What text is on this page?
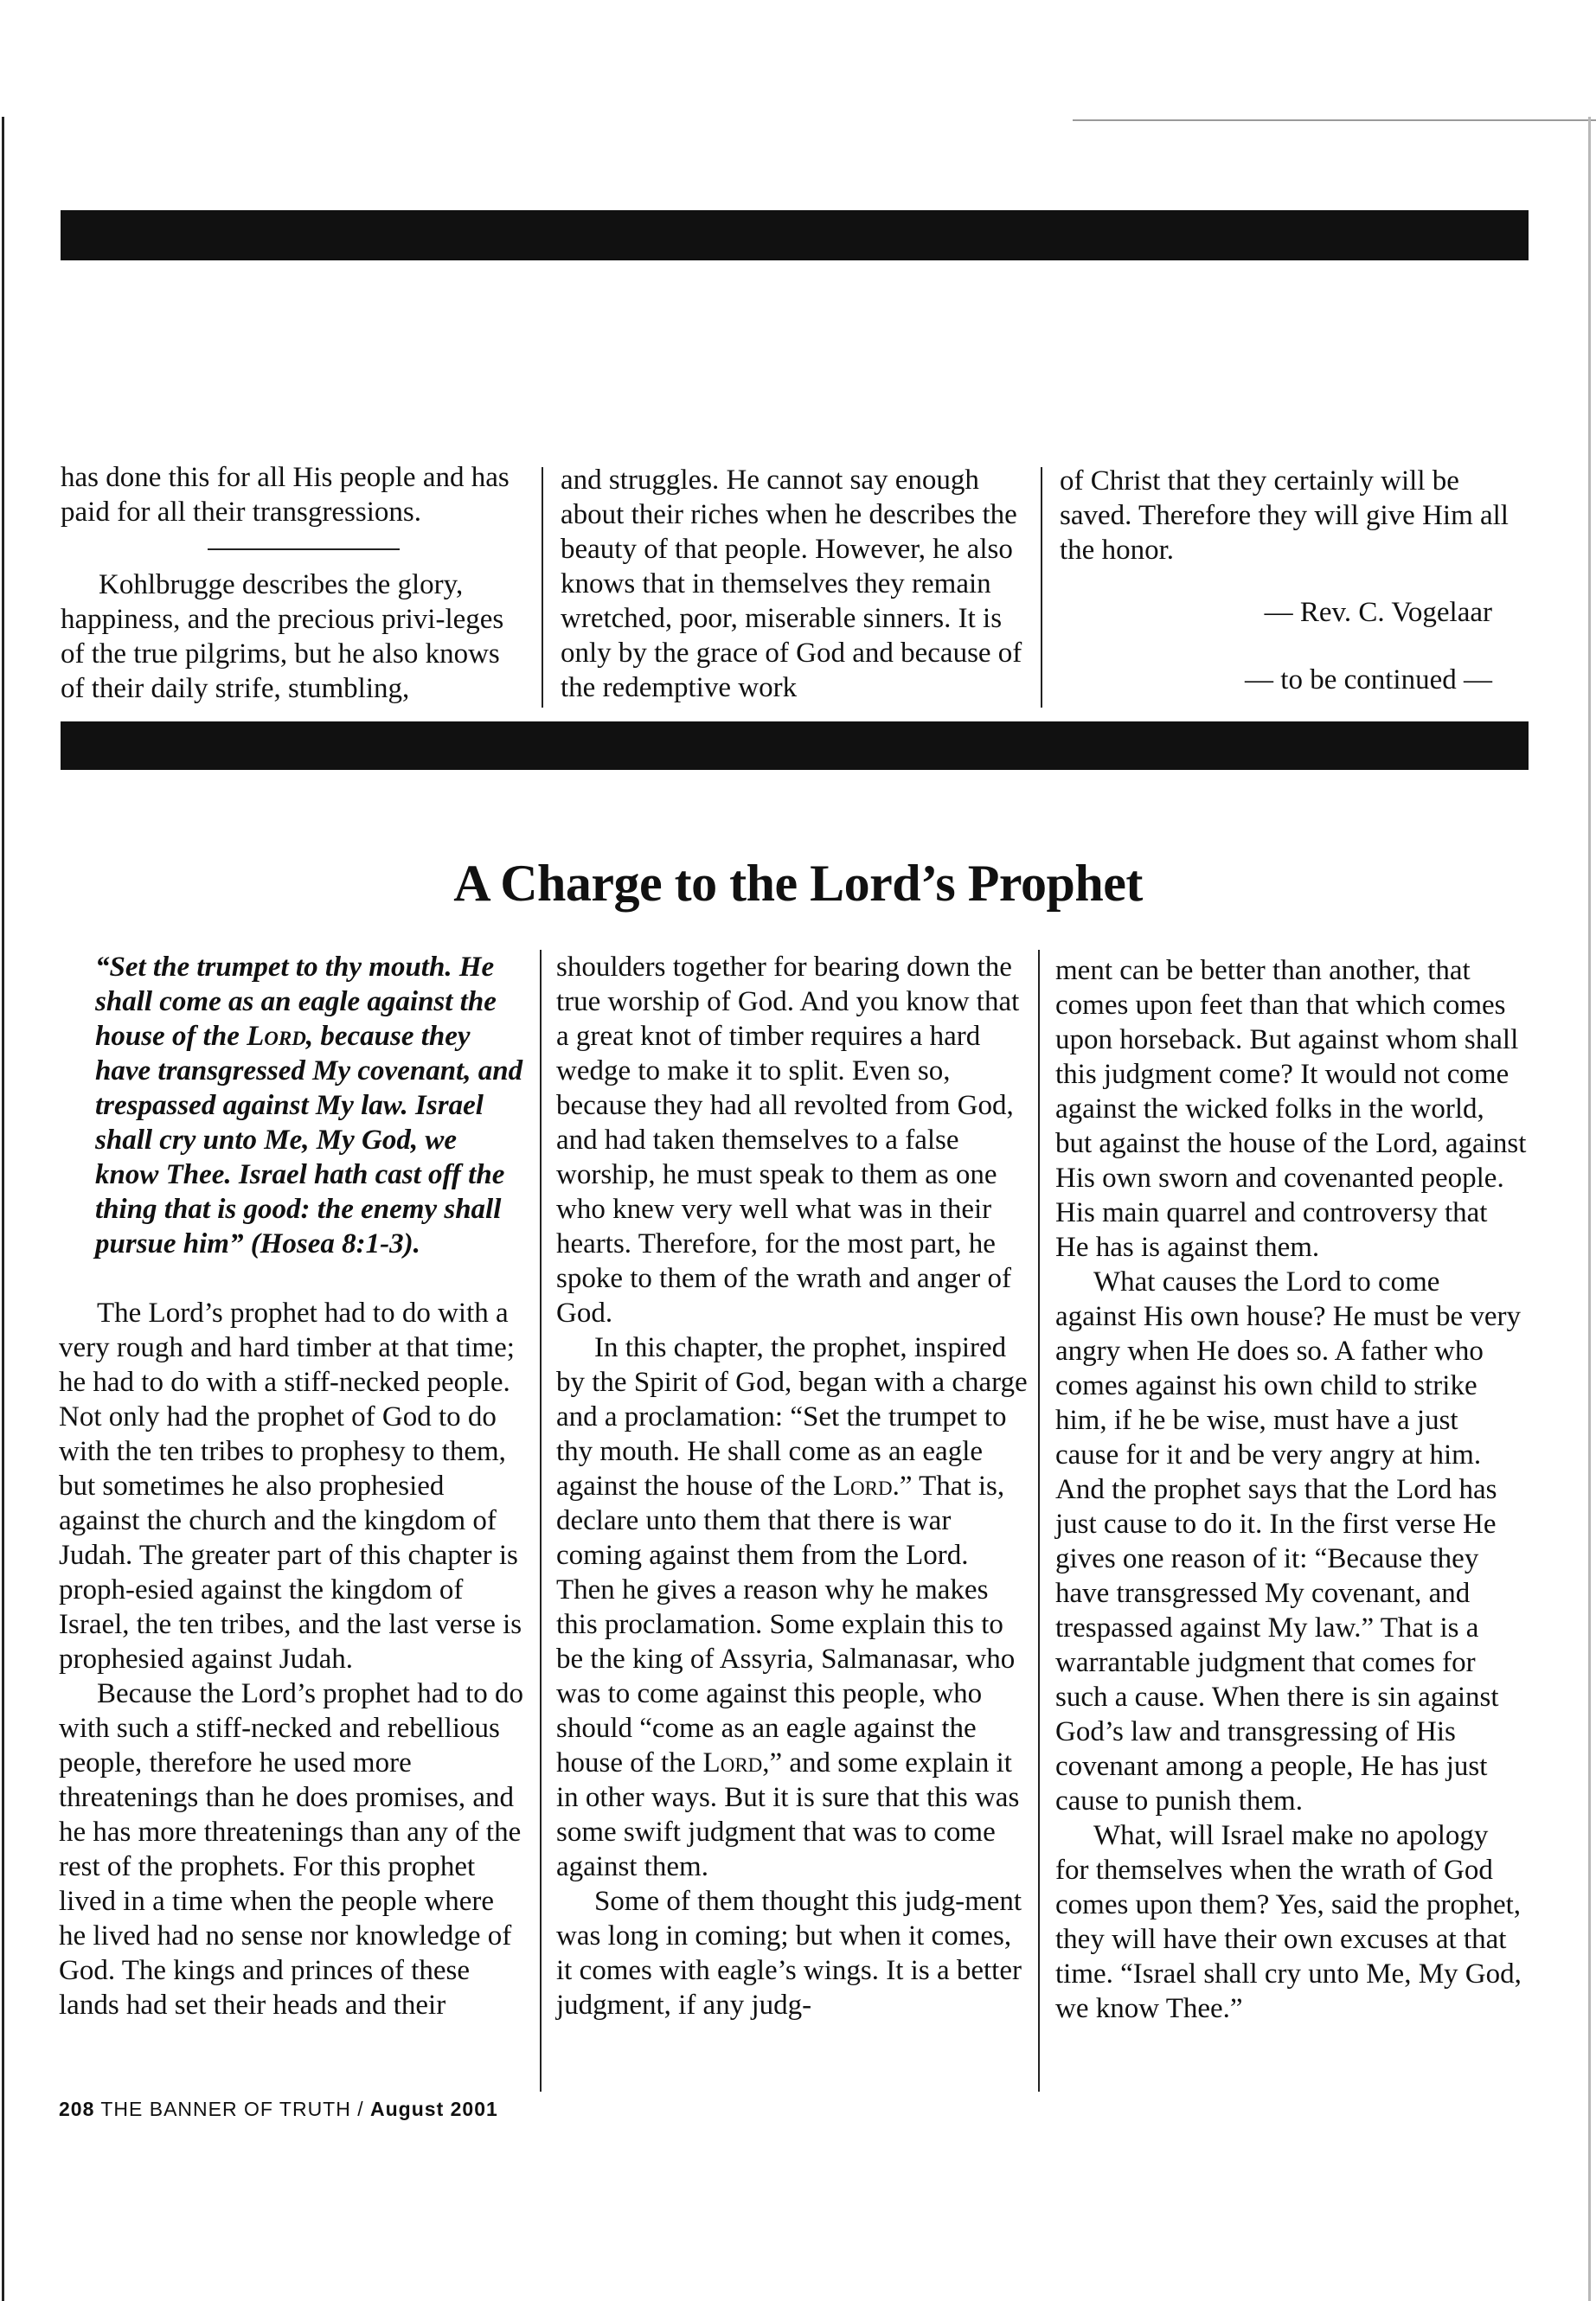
has done this for all His people and has paid for all their transgressions.

Kohlbrugge describes the glory, happiness, and the precious privi-leges of the true pilgrims, but he also knows of their daily strife, stumbling,

and struggles. He cannot say enough about their riches when he describes the beauty of that people. However, he also knows that in themselves they remain wretched, poor, miserable sinners. It is only by the grace of God and because of the redemptive work

of Christ that they certainly will be saved. Therefore they will give Him all the honor.

— Rev. C. Vogelaar

— to be continued —

A Charge to the Lord’s Prophet

“Set the trumpet to thy mouth. He shall come as an eagle against the house of the Lord, because they have transgressed My covenant, and trespassed against My law. Israel shall cry unto Me, My God, we know Thee. Israel hath cast off the thing that is good: the enemy shall pursue him” (Hosea 8:1-3).

The Lord’s prophet had to do with a very rough and hard timber at that time; he had to do with a stiff-necked people. Not only had the prophet of God to do with the ten tribes to prophesy to them, but sometimes he also prophesied against the church and the kingdom of Judah. The greater part of this chapter is proph-esied against the kingdom of Israel, the ten tribes, and the last verse is prophesied against Judah.

Because the Lord’s prophet had to do with such a stiff-necked and rebellious people, therefore he used more threatenings than he does promises, and he has more threatenings than any of the rest of the prophets. For this prophet lived in a time when the people where he lived had no sense nor knowledge of God. The kings and princes of these lands had set their heads and their

shoulders together for bearing down the true worship of God. And you know that a great knot of timber requires a hard wedge to make it to split. Even so, because they had all revolted from God, and had taken themselves to a false worship, he must speak to them as one who knew very well what was in their hearts. Therefore, for the most part, he spoke to them of the wrath and anger of God.

In this chapter, the prophet, inspired by the Spirit of God, began with a charge and a proclamation: “Set the trumpet to thy mouth. He shall come as an eagle against the house of the Lord.” That is, declare unto them that there is war coming against them from the Lord. Then he gives a reason why he makes this proclamation. Some explain this to be the king of Assyria, Salmanasar, who was to come against this people, who should “come as an eagle against the house of the Lord,” and some explain it in other ways. But it is sure that this was some swift judgment that was to come against them.

Some of them thought this judg-ment was long in coming; but when it comes, it comes with eagle’s wings. It is a better judgment, if any judg-

ment can be better than another, that comes upon feet than that which comes upon horseback. But against whom shall this judgment come? It would not come against the wicked folks in the world, but against the house of the Lord, against His own sworn and covenanted people. His main quarrel and controversy that He has is against them.

What causes the Lord to come against His own house? He must be very angry when He does so. A father who comes against his own child to strike him, if he be wise, must have a just cause for it and be very angry at him. And the prophet says that the Lord has just cause to do it. In the first verse He gives one reason of it: “Because they have transgressed My covenant, and trespassed against My law.” That is a warrantable judgment that comes for such a cause. When there is sin against God’s law and transgressing of His covenant among a people, He has just cause to punish them.

What, will Israel make no apology for themselves when the wrath of God comes upon them? Yes, said the prophet, they will have their own excuses at that time. “Israel shall cry unto Me, My God, we know Thee.”

208 THE BANNER OF TRUTH / August 2001
